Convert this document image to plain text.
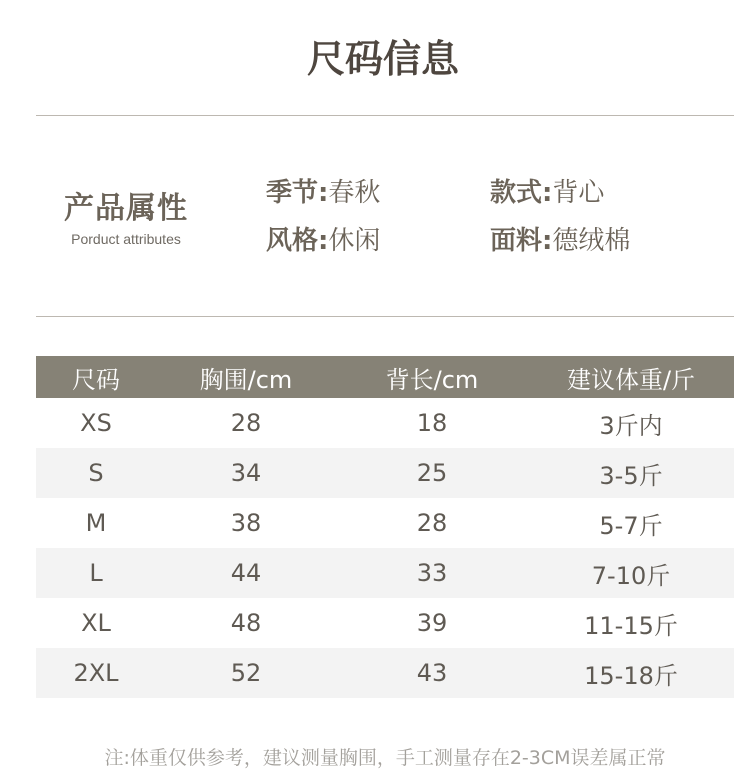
尺码信息
产品属性
Porduct attributes
季节:春秋	款式:背心
风格:休闲	面料:德绒棉
尺码	胸围/cm	背长/cm	建议体重/斤
XS	28	18	3斤内
S	34	25	3-5斤
M	38	28	5-7斤
L	44	33	7-10斤
XL	48	39	11-15斤
2XL	52	43	15-18斤
注:体重仅供参考，建议测量胸围，手工测量存在2-3CM误差属正常
